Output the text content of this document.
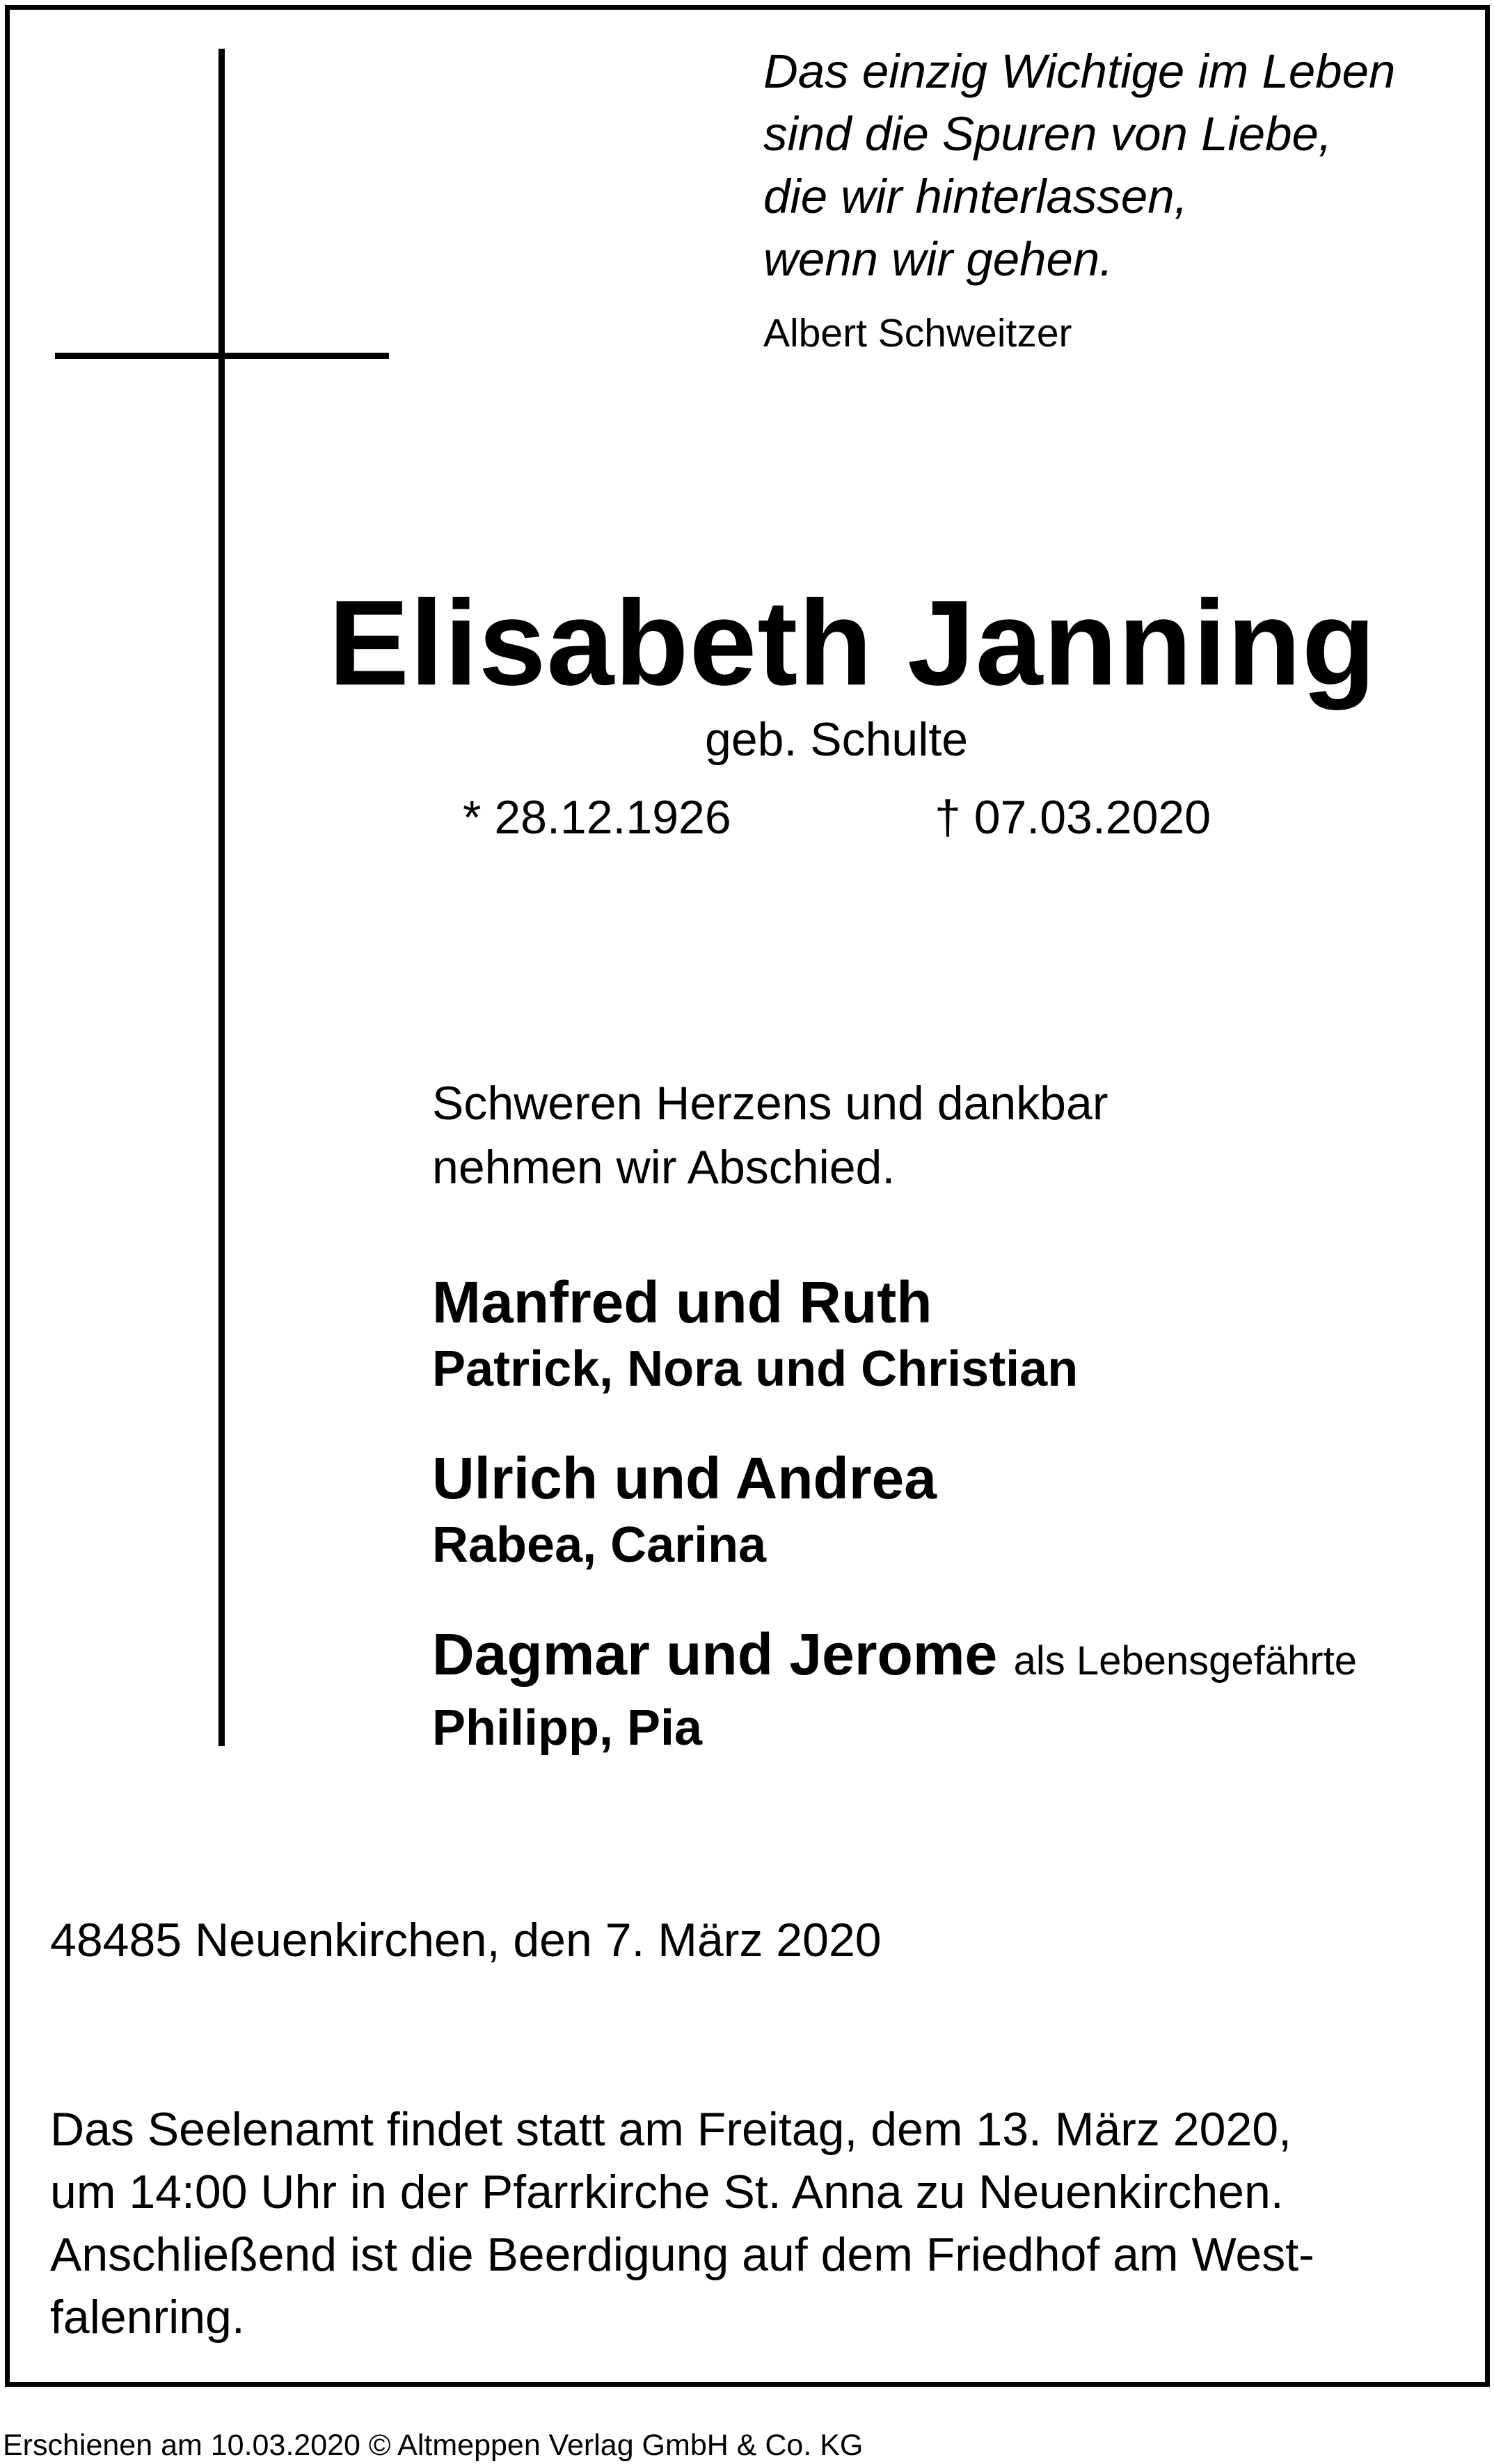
Das einzig Wichtige im Leben
sind die Spuren von Liebe,
die wir hinterlassen,
wenn wir gehen.
Albert Schweitzer
Elisabeth Janning
geb. Schulte
* 28.12.1926	† 07.03.2020
Schweren Herzens und dankbar
nehmen wir Abschied.
Manfred und Ruth
Patrick, Nora und Christian
Ulrich und Andrea
Rabea, Carina
Dagmar und Jerome als Lebensgefährte
Philipp, Pia
48485 Neuenkirchen, den 7. März 2020
Das Seelenamt findet statt am Freitag, dem 13. März 2020,
um 14:00 Uhr in der Pfarrkirche St. Anna zu Neuenkirchen.
Anschließend ist die Beerdigung auf dem Friedhof am West-
falenring.
Erschienen am 10.03.2020 © Altmeppen Verlag GmbH & Co. KG
